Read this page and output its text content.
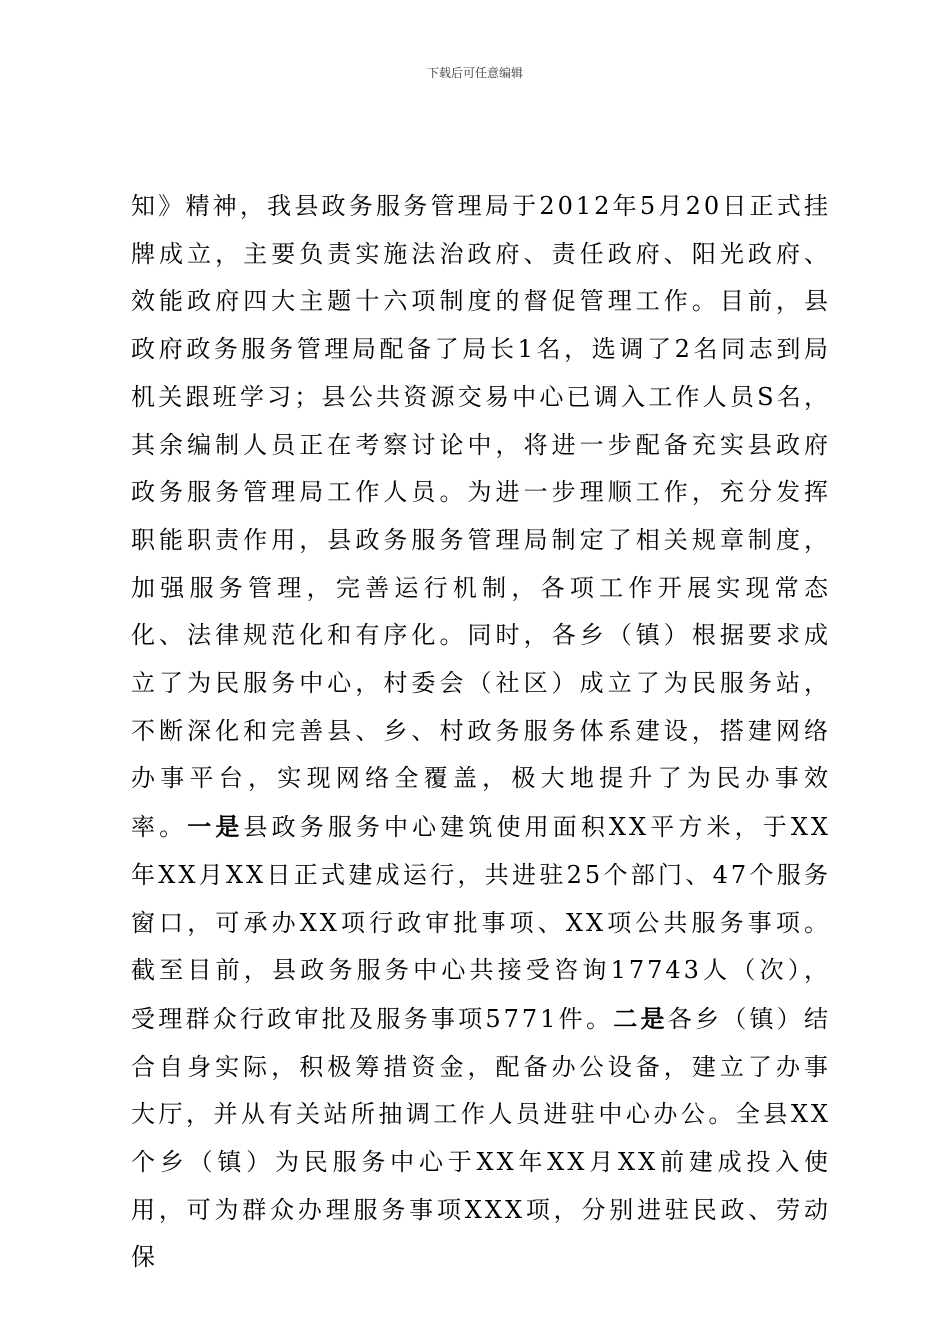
下载后可任意编辑

知》精神，我县政务服务管理局于2012年5月20日正式挂牌成立，主要负责实施法治政府、责任政府、阳光政府、效能政府四大主题十六项制度的督促管理工作。目前，县政府政务服务管理局配备了局长1名，选调了2名同志到局机关跟班学习；县公共资源交易中心已调入工作人员S名，其余编制人员正在考察讨论中，将进一步配备充实县政府政务服务管理局工作人员。为进一步理顺工作，充分发挥职能职责作用，县政务服务管理局制定了相关规章制度，加强服务管理，完善运行机制，各项工作开展实现常态化、法律规范化和有序化。同时，各乡（镇）根据要求成立了为民服务中心，村委会（社区）成立了为民服务站，不断深化和完善县、乡、村政务服务体系建设，搭建网络办事平台，实现网络全覆盖，极大地提升了为民办事效率。一是县政务服务中心建筑使用面积XX平方米，于XX年XX月XX日正式建成运行，共进驻25个部门、47个服务窗口，可承办XX项行政审批事项、XX项公共服务事项。截至目前，县政务服务中心共接受咨询17743人（次），受理群众行政审批及服务事项5771件。二是各乡（镇）结合自身实际，积极筹措资金，配备办公设备，建立了办事大厅，并从有关站所抽调工作人员进驻中心办公。全县XX个乡（镇）为民服务中心于XX年XX月XX前建成投入使用，可为群众办理服务事项XXX项，分别进驻民政、劳动保
